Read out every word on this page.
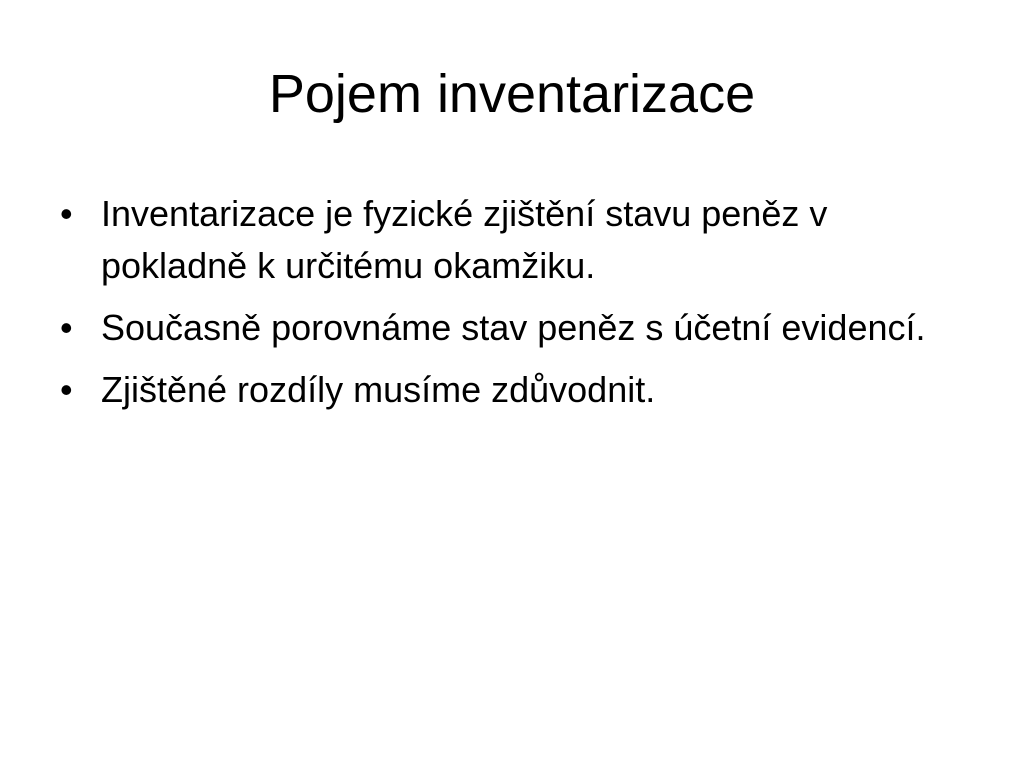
Pojem inventarizace
• Inventarizace je fyzické zjištění stavu peněz v pokladně k určitému okamžiku.
• Současně porovnáme stav peněz s účetní evidencí.
• Zjištěné rozdíly musíme zdůvodnit.
